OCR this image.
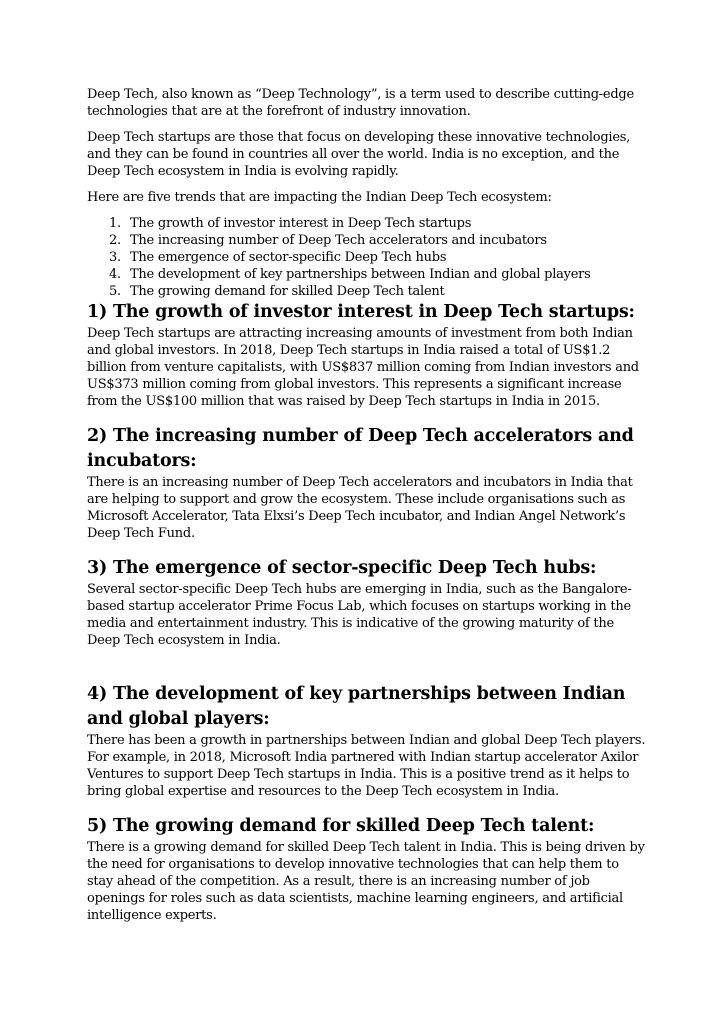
Deep Tech, also known as “Deep Technology”, is a term used to describe cutting-edge technologies that are at the forefront of industry innovation.

Deep Tech startups are those that focus on developing these innovative technologies, and they can be found in countries all over the world. India is no exception, and the Deep Tech ecosystem in India is evolving rapidly.

Here are five trends that are impacting the Indian Deep Tech ecosystem:

1. The growth of investor interest in Deep Tech startups
2. The increasing number of Deep Tech accelerators and incubators
3. The emergence of sector-specific Deep Tech hubs
4. The development of key partnerships between Indian and global players
5. The growing demand for skilled Deep Tech talent
1) The growth of investor interest in Deep Tech startups:

Deep Tech startups are attracting increasing amounts of investment from both Indian and global investors. In 2018, Deep Tech startups in India raised a total of US$1.2 billion from venture capitalists, with US$837 million coming from Indian investors and US$373 million coming from global investors. This represents a significant increase from the US$100 million that was raised by Deep Tech startups in India in 2015.

2) The increasing number of Deep Tech accelerators and incubators:

There is an increasing number of Deep Tech accelerators and incubators in India that are helping to support and grow the ecosystem. These include organisations such as Microsoft Accelerator, Tata Elxsi’s Deep Tech incubator, and Indian Angel Network’s Deep Tech Fund.

3) The emergence of sector-specific Deep Tech hubs:

Several sector-specific Deep Tech hubs are emerging in India, such as the Bangalore-based startup accelerator Prime Focus Lab, which focuses on startups working in the media and entertainment industry. This is indicative of the growing maturity of the Deep Tech ecosystem in India.

4) The development of key partnerships between Indian and global players:

There has been a growth in partnerships between Indian and global Deep Tech players. For example, in 2018, Microsoft India partnered with Indian startup accelerator Axilor Ventures to support Deep Tech startups in India. This is a positive trend as it helps to bring global expertise and resources to the Deep Tech ecosystem in India.

5) The growing demand for skilled Deep Tech talent:

There is a growing demand for skilled Deep Tech talent in India. This is being driven by the need for organisations to develop innovative technologies that can help them to stay ahead of the competition. As a result, there is an increasing number of job openings for roles such as data scientists, machine learning engineers, and artificial intelligence experts.
